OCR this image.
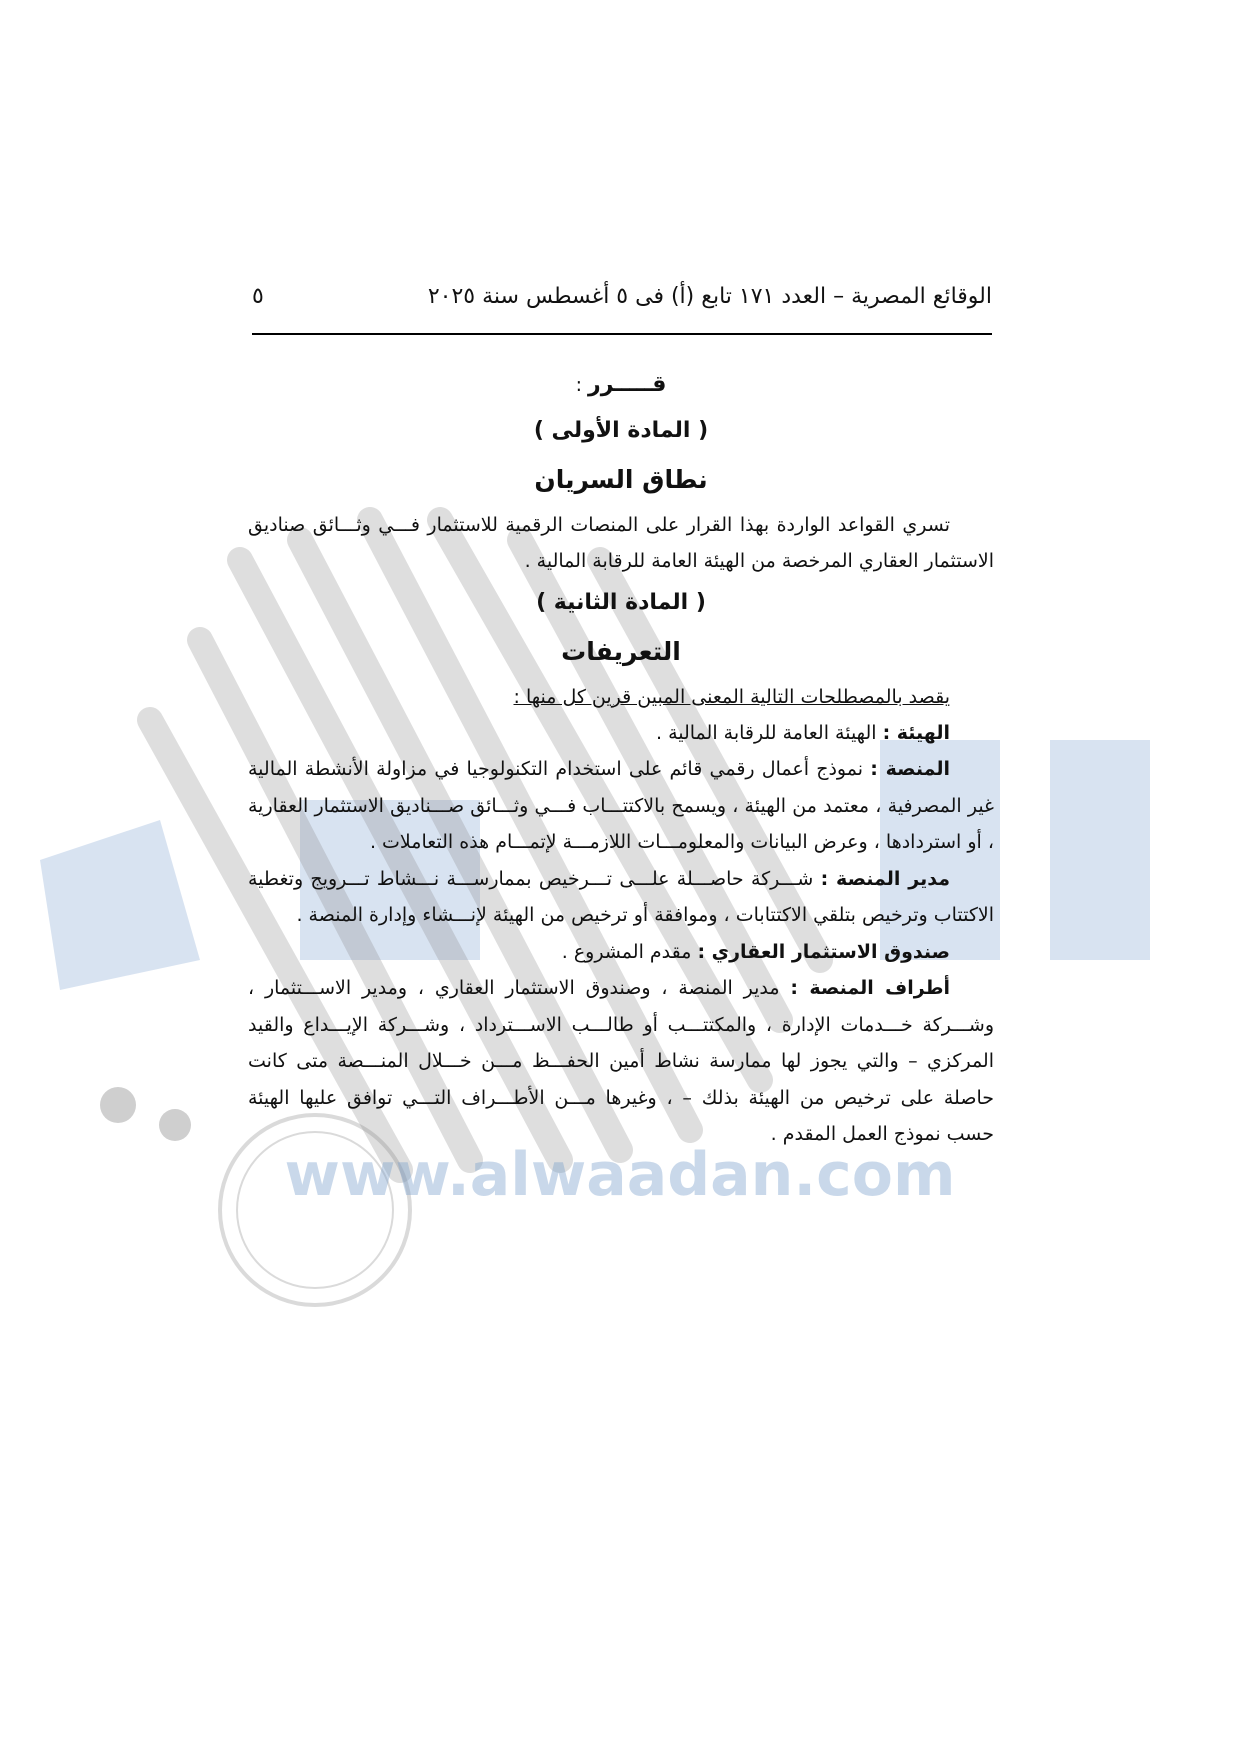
www.alwaadan.com
الوقائع المصرية – العدد ١٧١ تابع (أ) فى ٥ أغسطس سنة ٢٠٢٥
٥

قـــــرر :

( المادة الأولى )

نطاق السريان

تسري القواعد الواردة بهذا القرار على المنصات الرقمية للاستثمار فـــي وثـــائق صناديق الاستثمار العقاري المرخصة من الهيئة العامة للرقابة المالية .

( المادة الثانية )

التعريفات

يقصد بالمصطلحات التالية المعنى المبين قرين كل منها :

الهيئة : الهيئة العامة للرقابة المالية .

المنصة : نموذج أعمال رقمي قائم على استخدام التكنولوجيا في مزاولة الأنشطة المالية غير المصرفية ، معتمد من الهيئة ، ويسمح بالاكتتـــاب فـــي وثـــائق صـــناديق الاستثمار العقارية ، أو استردادها ، وعرض البيانات والمعلومـــات اللازمـــة لإتمـــام هذه التعاملات .

مدير المنصة : شـــركة حاصـــلة علـــى تـــرخيص بممارســـة نـــشاط تـــرويج وتغطية الاكتتاب وترخيص بتلقي الاكتتابات ، وموافقة أو ترخيص من الهيئة لإنـــشاء وإدارة المنصة .

صندوق الاستثمار العقاري : مقدم المشروع .

أطراف المنصة : مدير المنصة ، وصندوق الاستثمار العقاري ، ومدير الاســـتثمار ، وشـــركة خـــدمات الإدارة ، والمكتتـــب أو طالـــب الاســـترداد ، وشـــركة الإيـــداع والقيد المركزي – والتي يجوز لها ممارسة نشاط أمين الحفـــظ مـــن خـــلال المنـــصة متى كانت حاصلة على ترخيص من الهيئة بذلك – ، وغيرها مـــن الأطـــراف التـــي توافق عليها الهيئة حسب نموذج العمل المقدم .
